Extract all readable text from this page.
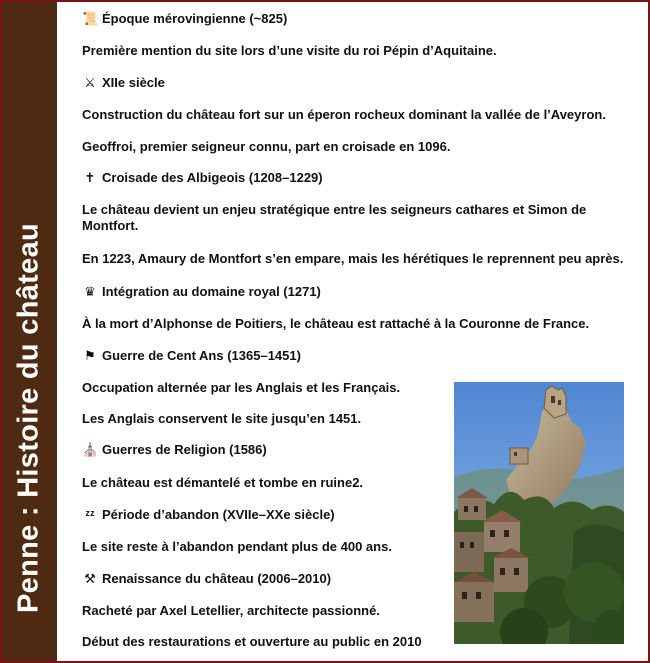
Penne : Histoire du château
📜 Époque mérovingienne (~825)
Première mention du site lors d’une visite du roi Pépin d’Aquitaine.
⚔ XIIe siècle
Construction du château fort sur un éperon rocheux dominant la vallée de l’Aveyron.
Geoffroi, premier seigneur connu, part en croisade en 1096.
✝ Croisade des Albigeois (1208–1229)
Le château devient un enjeu stratégique entre les seigneurs cathares et Simon de Montfort.
En 1223, Amaury de Montfort s’en empare, mais les hérétiques le reprennent peu après.
♛ Intégration au domaine royal (1271)
À la mort d’Alphonse de Poitiers, le château est rattaché à la Couronne de France.
⚑ Guerre de Cent Ans (1365–1451)
Occupation alternée par les Anglais et les Français.
Les Anglais conservent le site jusqu’en 1451.
⛪ Guerres de Religion (1586)
Le château est démantelé et tombe en ruine2.
ᶻᶻ Période d’abandon (XVIIe–XXe siècle)
Le site reste à l’abandon pendant plus de 400 ans.
⚒ Renaissance du château (2006–2010)
Racheté par Axel Letellier, architecte passionné.
Début des restaurations et ouverture au public en 2010
